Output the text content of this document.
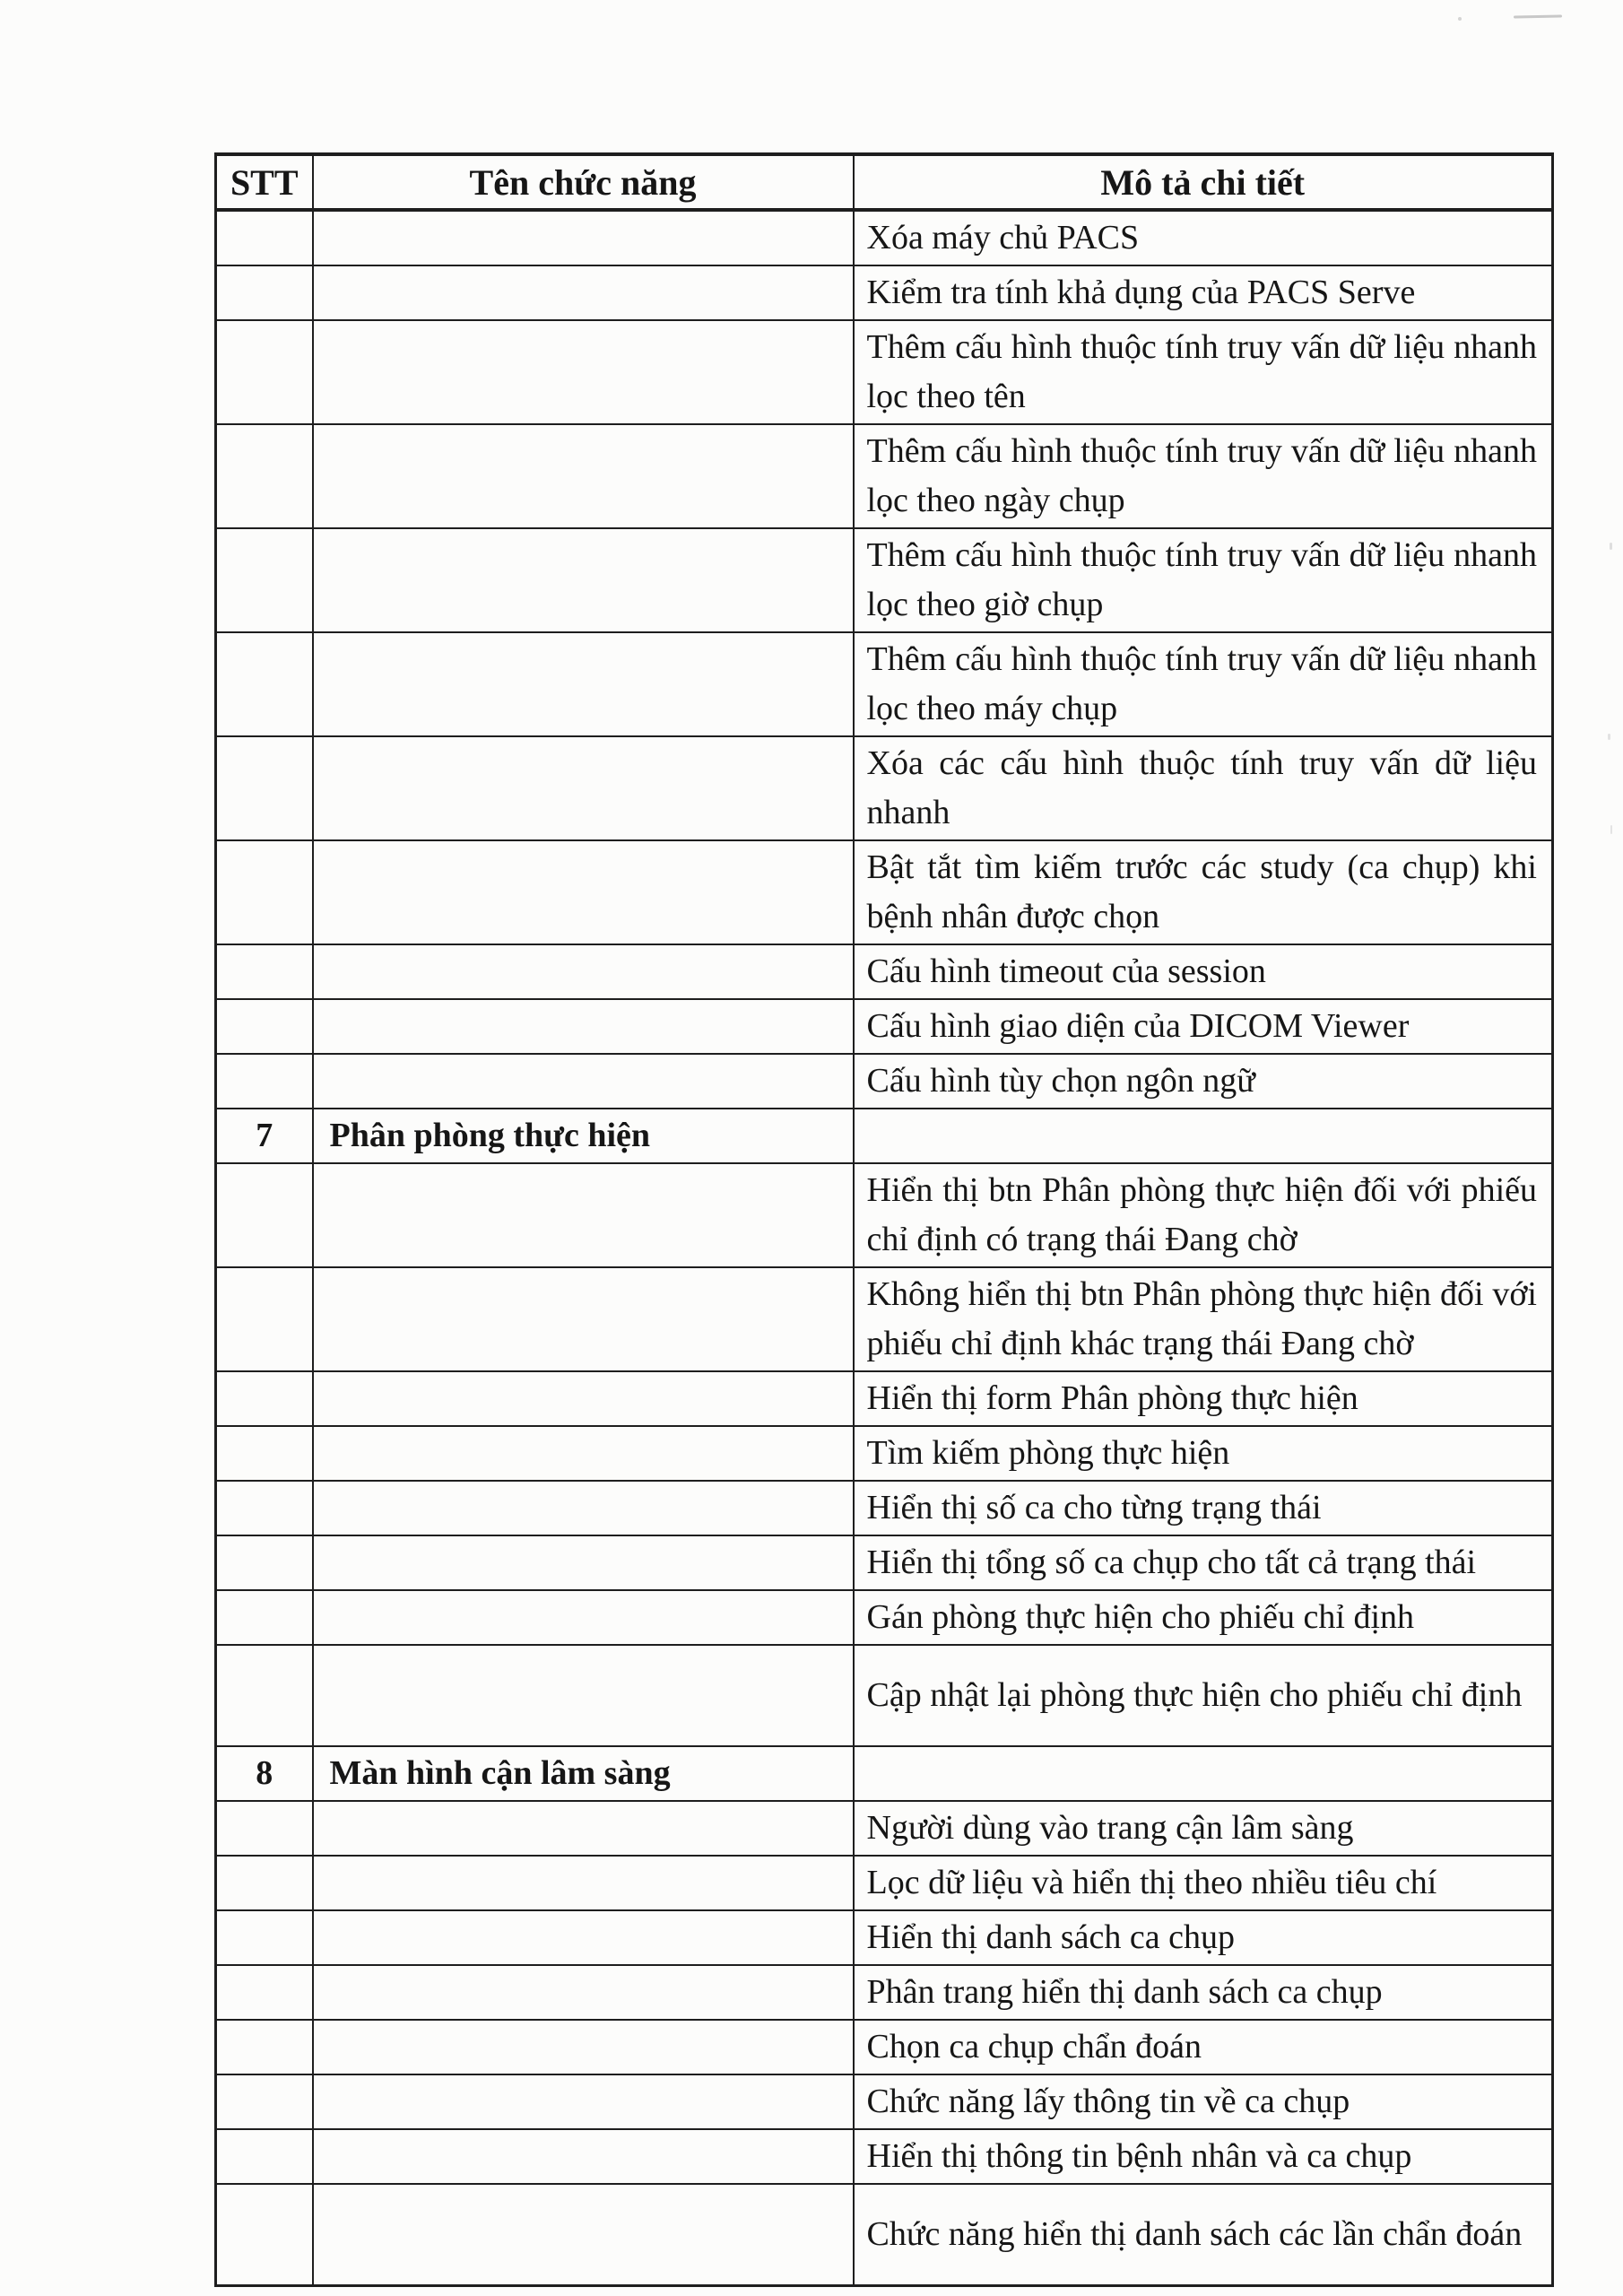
STT	Tên chức năng	Mô tả chi tiết
		Xóa máy chủ PACS
		Kiểm tra tính khả dụng của PACS Serve
		Thêm cấu hình thuộc tính truy vấn dữ liệu nhanh lọc theo tên
		Thêm cấu hình thuộc tính truy vấn dữ liệu nhanh lọc theo ngày chụp
		Thêm cấu hình thuộc tính truy vấn dữ liệu nhanh lọc theo giờ chụp
		Thêm cấu hình thuộc tính truy vấn dữ liệu nhanh lọc theo máy chụp
		Xóa các cấu hình thuộc tính truy vấn dữ liệu nhanh
		Bật tắt tìm kiếm trước các study (ca chụp) khi bệnh nhân được chọn
		Cấu hình timeout của session
		Cấu hình giao diện của DICOM Viewer
		Cấu hình tùy chọn ngôn ngữ
7	Phân phòng thực hiện	
		Hiển thị btn Phân phòng thực hiện đối với phiếu chỉ định có trạng thái Đang chờ
		Không hiển thị btn Phân phòng thực hiện đối với phiếu chỉ định khác trạng thái Đang chờ
		Hiển thị form Phân phòng thực hiện
		Tìm kiếm phòng thực hiện
		Hiển thị số ca cho từng trạng thái
		Hiển thị tổng số ca chụp cho tất cả trạng thái
		Gán phòng thực hiện cho phiếu chỉ định
		Cập nhật lại phòng thực hiện cho phiếu chỉ định
8	Màn hình cận lâm sàng	
		Người dùng vào trang cận lâm sàng
		Lọc dữ liệu và hiển thị theo nhiều tiêu chí
		Hiển thị danh sách ca chụp
		Phân trang hiển thị danh sách ca chụp
		Chọn ca chụp chẩn đoán
		Chức năng lấy thông tin về ca chụp
		Hiển thị thông tin bệnh nhân và ca chụp
		Chức năng hiển thị danh sách các lần chẩn đoán
